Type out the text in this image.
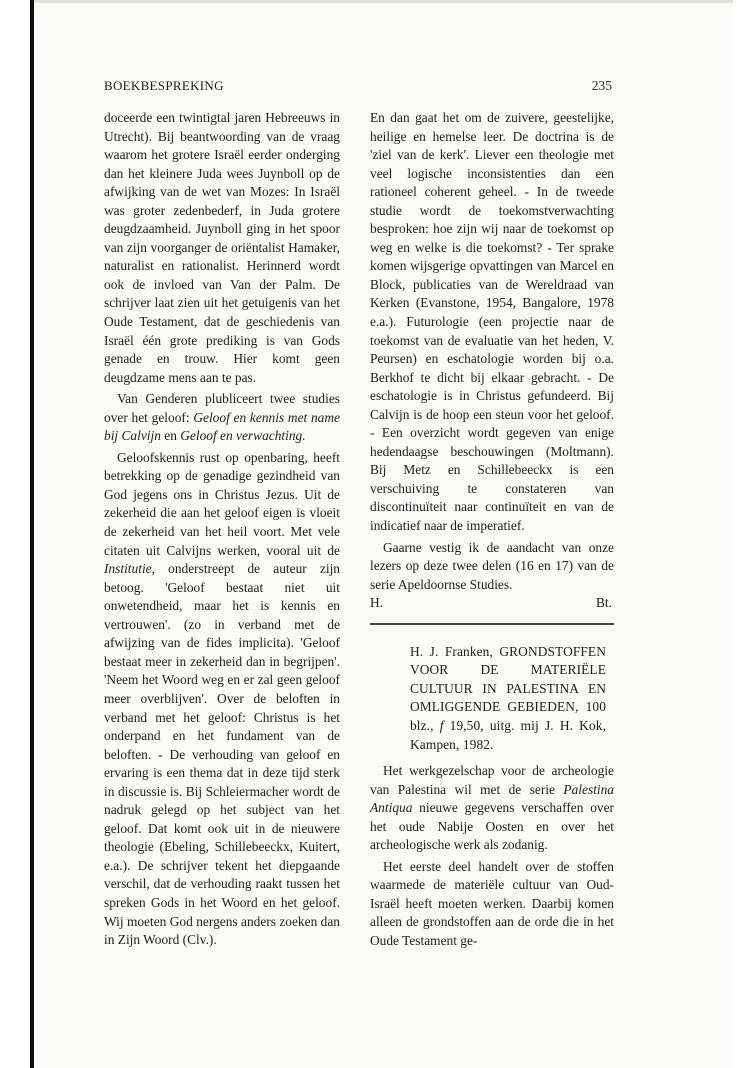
BOEKBESPREKING	235

doceerde een twintigtal jaren Hebreeuws in Utrecht). Bij beantwoording van de vraag waarom het grotere Israël eerder onderging dan het kleinere Juda wees Juynboll op de afwijking van de wet van Mozes: In Israël was groter zedenbederf, in Juda grotere deugdzaamheid. Juynboll ging in het spoor van zijn voorganger de oriëntalist Hamaker, naturalist en rationalist. Herinnerd wordt ook de invloed van Van der Palm. De schrijver laat zien uit het getuigenis van het Oude Testament, dat de geschiedenis van Israël één grote prediking is van Gods genade en trouw. Hier komt geen deugdzame mens aan te pas.

Van Genderen plubliceert twee studies over het geloof: Geloof en kennis met name bij Calvijn en Geloof en verwachting.

Geloofskennis rust op openbaring, heeft betrekking op de genadige gezindheid van God jegens ons in Christus Jezus. Uit de zekerheid die aan het geloof eigen is vloeit de zekerheid van het heil voort. Met vele citaten uit Calvijns werken, vooral uit de Institutie, onderstreept de auteur zijn betoog. 'Geloof bestaat niet uit onwetendheid, maar het is kennis en vertrouwen'. (zo in verband met de afwijzing van de fides implicita). 'Geloof bestaat meer in zekerheid dan in begrijpen'. 'Neem het Woord weg en er zal geen geloof meer overblijven'. Over de beloften in verband met het geloof: Christus is het onderpand en het fundament van de beloften. - De verhouding van geloof en ervaring is een thema dat in deze tijd sterk in discussie is. Bij Schleiermacher wordt de nadruk gelegd op het subject van het geloof. Dat komt ook uit in de nieuwere theologie (Ebeling, Schillebeeckx, Kuitert, e.a.). De schrijver tekent het diepgaande verschil, dat de verhouding raakt tussen het spreken Gods in het Woord en het geloof. Wij moeten God nergens anders zoeken dan in Zijn Woord (Clv.).

En dan gaat het om de zuivere, geestelijke, heilige en hemelse leer. De doctrina is de 'ziel van de kerk'. Liever een theologie met veel logische inconsistenties dan een rationeel coherent geheel. - In de tweede studie wordt de toekomstverwachting besproken: hoe zijn wij naar de toekomst op weg en welke is die toekomst? - Ter sprake komen wijsgerige opvattingen van Marcel en Block, publicaties van de Wereldraad van Kerken (Evanstone, 1954, Bangalore, 1978 e.a.). Futurologie (een projectie naar de toekomst van de evaluatie van het heden, V. Peursen) en eschatologie worden bij o.a. Berkhof te dicht bij elkaar gebracht. - De eschatologie is in Christus gefundeerd. Bij Calvijn is de hoop een steun voor het geloof. - Een overzicht wordt gegeven van enige hedendaagse beschouwingen (Moltmann). Bij Metz en Schillebeeckx is een verschuiving te constateren van discontinuïteit naar continuïteit en van de indicatief naar de imperatief.

Gaarne vestig ik de aandacht van onze lezers op deze twee delen (16 en 17) van de serie Apeldoornse Studies.

H.	Bt.
H. J. Franken, GRONDSTOFFEN VOOR DE MATERIËLE CULTUUR IN PALESTINA EN OMLIGGENDE GEBIEDEN, 100 blz., f 19,50, uitg. mij J. H. Kok, Kampen, 1982.

Het werkgezelschap voor de archeologie van Palestina wil met de serie Palestina Antiqua nieuwe gegevens verschaffen over het oude Nabije Oosten en over het archeologische werk als zodanig.

Het eerste deel handelt over de stoffen waarmede de materiële cultuur van Oud-Israël heeft moeten werken. Daarbij komen alleen de grondstoffen aan de orde die in het Oude Testament ge-
